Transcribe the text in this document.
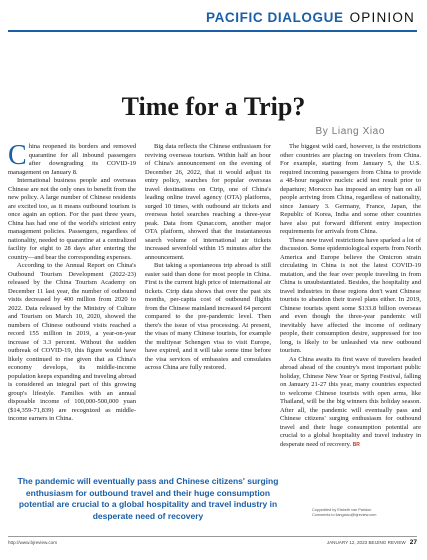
PACIFIC DIALOGUE OPINION
Time for a Trip?
By Liang Xiao

China reopened its borders and removed quarantine for all inbound passengers after downgrading its COVID-19 management on January 8.

International business people and overseas Chinese are not the only ones to benefit from the new policy. A large number of Chinese residents are excited too, as it means outbound tourism is once again an option. For the past three years, China has had one of the world's strictest entry management policies. Passengers, regardless of nationality, needed to quarantine at a centralized facility for eight to 28 days after entering the country—and bear the corresponding expenses.

According to the Annual Report on China's Outbound Tourism Development (2022-23) released by the China Tourism Academy on December 11 last year, the number of outbound visits decreased by 400 million from 2020 to 2022. Data released by the Ministry of Culture and Tourism on March 10, 2020, showed the numbers of Chinese outbound visits reached a record 155 million in 2019, a year-on-year increase of 3.3 percent. Without the sudden outbreak of COVID-19, this figure would have likely continued to rise given that as China's economy develops, its middle-income population keeps expanding and traveling abroad is considered an integral part of this growing group's lifestyle. Families with an annual disposable income of 100,000-500,000 yuan ($14,359-71,839) are recognized as middle-income earners in China.

Big data reflects the Chinese enthusiasm for reviving overseas tourism. Within half an hour of China's announcement on the evening of December 26, 2022, that it would adjust its entry policy, searches for popular overseas travel destinations on Ctrip, one of China's leading online travel agency (OTA) platforms, surged 10 times, with outbound air tickets and overseas hotel searches reaching a three-year peak. Data from Qunar.com, another major OTA platform, showed that the instantaneous search volume of international air tickets increased sevenfold within 15 minutes after the announcement.

But taking a spontaneous trip abroad is still easier said than done for most people in China. First is the current high price of international air tickets. Ctrip data shows that over the past six months, per-capita cost of outbound flights from the Chinese mainland increased 64 percent compared to the pre-pandemic level. Then there's the issue of visa processing. At present, the visas of many Chinese tourists, for example the multiyear Schengen visa to visit Europe, have expired, and it will take some time before the visa services of embassies and consulates across China are fully restored.

The biggest wild card, however, is the restrictions other countries are placing on travelers from China. For example, starting from January 5, the U.S. required incoming passengers from China to provide a 48-hour negative nucleic acid test result prior to departure; Morocco has imposed an entry ban on all people arriving from China, regardless of nationality, since January 3. Germany, France, Japan, the Republic of Korea, India and some other countries have also put forward different entry inspection requirements for arrivals from China.

These new travel restrictions have sparked a lot of discussion. Some epidemiological experts from North America and Europe believe the Omicron strain circulating in China is not the latest COVID-19 mutation, and the fear over people traveling in from China is unsubstantiated. Besides, the hospitality and travel industries in these regions don't want Chinese tourists to abandon their travel plans either. In 2019, Chinese tourists spent some $133.8 billion overseas and even though the three-year pandemic will inevitably have affected the income of ordinary people, their consumption desire, suppressed for too long, is likely to be unleashed via new outbound tourism.

As China awaits its first wave of travelers headed abroad ahead of the country's most important public holiday, Chinese New Year or Spring Festival, falling on January 21-27 this year, many countries expected to welcome Chinese tourists with open arms, like Thailand, will be the big winners this holiday season. After all, the pandemic will eventually pass and Chinese citizens' surging enthusiasm for outbound travel and their huge consumption potential are crucial to a global hospitality and travel industry in desperate need of recovery. BR

The pandemic will eventually pass and Chinese citizens' surging enthusiasm for outbound travel and their huge consumption potential are crucial to a global hospitality and travel industry in desperate need of recovery

Copyedited by Elsbeth van Paridon
Comments to liangxiao@bjreview.com
http://www.bjreview.com	JANUARY 12, 2023 BEIJING REVIEW 27
